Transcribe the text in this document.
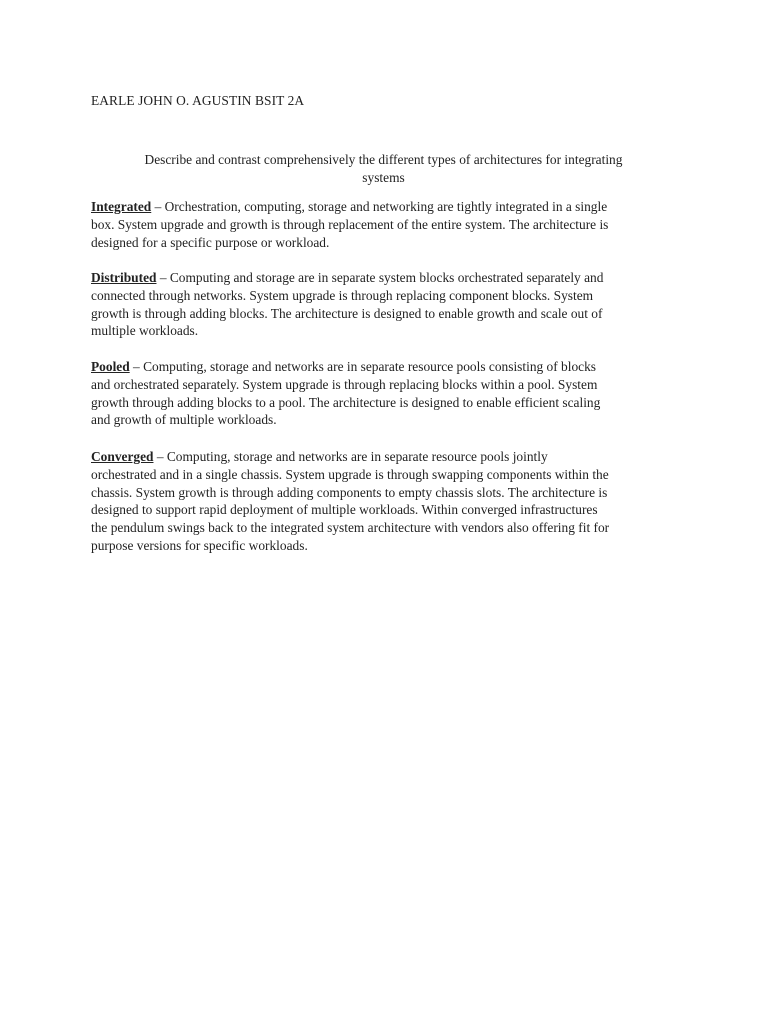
EARLE JOHN O. AGUSTIN BSIT 2A
Describe and contrast comprehensively the different types of architectures for integrating
systems
Integrated – Orchestration, computing, storage and networking are tightly integrated in a single
box. System upgrade and growth is through replacement of the entire system. The architecture is
designed for a specific purpose or workload.
Distributed – Computing and storage are in separate system blocks orchestrated separately and
connected through networks. System upgrade is through replacing component blocks. System
growth is through adding blocks. The architecture is designed to enable growth and scale out of
multiple workloads.
Pooled – Computing, storage and networks are in separate resource pools consisting of blocks
and orchestrated separately. System upgrade is through replacing blocks within a pool. System
growth through adding blocks to a pool. The architecture is designed to enable efficient scaling
and growth of multiple workloads.
Converged – Computing, storage and networks are in separate resource pools jointly
orchestrated and in a single chassis. System upgrade is through swapping components within the
chassis. System growth is through adding components to empty chassis slots. The architecture is
designed to support rapid deployment of multiple workloads. Within converged infrastructures
the pendulum swings back to the integrated system architecture with vendors also offering fit for
purpose versions for specific workloads.
